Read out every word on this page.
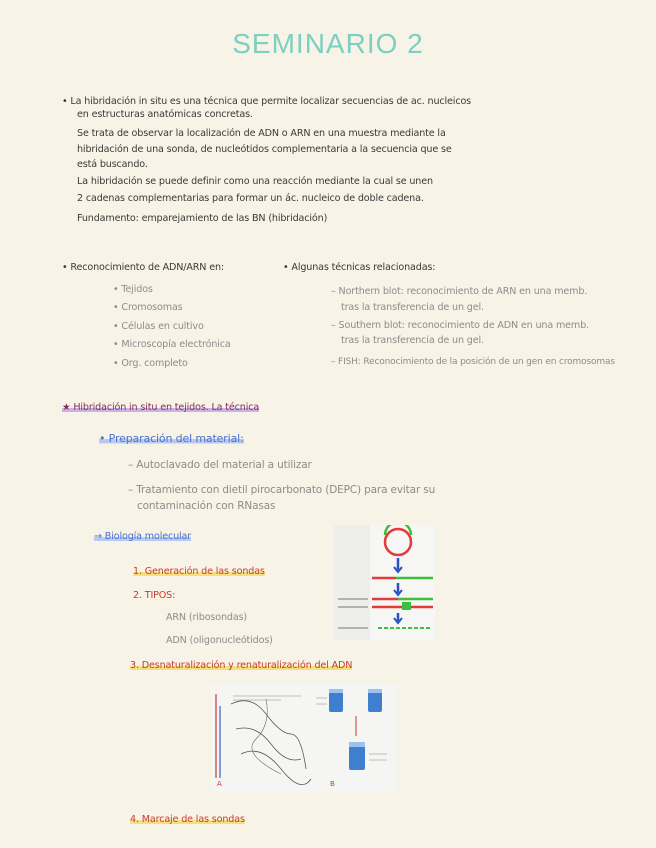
SEMINARIO 2
• La hibridación in situ es una técnica que permite localizar secuencias de ac. nucleicos
en estructuras anatómicas concretas.
Se trata de observar la localización de ADN o ARN en una muestra mediante la
hibridación de una sonda, de nucleótidos complementaria a la secuencia que se
está buscando.
La hibridación se puede definir como una reacción mediante la cual se unen
2 cadenas complementarias para formar un ác. nucleico de doble cadena.
Fundamento: emparejamiento de las BN (hibridación)
• Reconocimiento de ADN/ARN en:
• Tejidos
• Cromosomas
• Células en cultivo
• Microscopía electrónica
• Org. completo
• Algunas técnicas relacionadas:
– Northern blot: reconocimiento de ARN en una memb.
tras la transferencia de un gel.
– Southern blot: reconocimiento de ADN en una memb.
tras la transferencia de un gel.
– FISH: Reconocimiento de la posición de un gen en cromosomas
★ Hibridación in situ en tejidos. La técnica
• Preparación del material:
– Autoclavado del material a utilizar
– Tratamiento con dietil pirocarbonato (DEPC) para evitar su
contaminación con RNasas
→ Biología molecular
1. Generación de las sondas
2. TIPOS:
ARN (ribosondas)
ADN (oligonucleótidos)
3. Desnaturalización y renaturalización del ADN
4. Marcaje de las sondas
A	B
